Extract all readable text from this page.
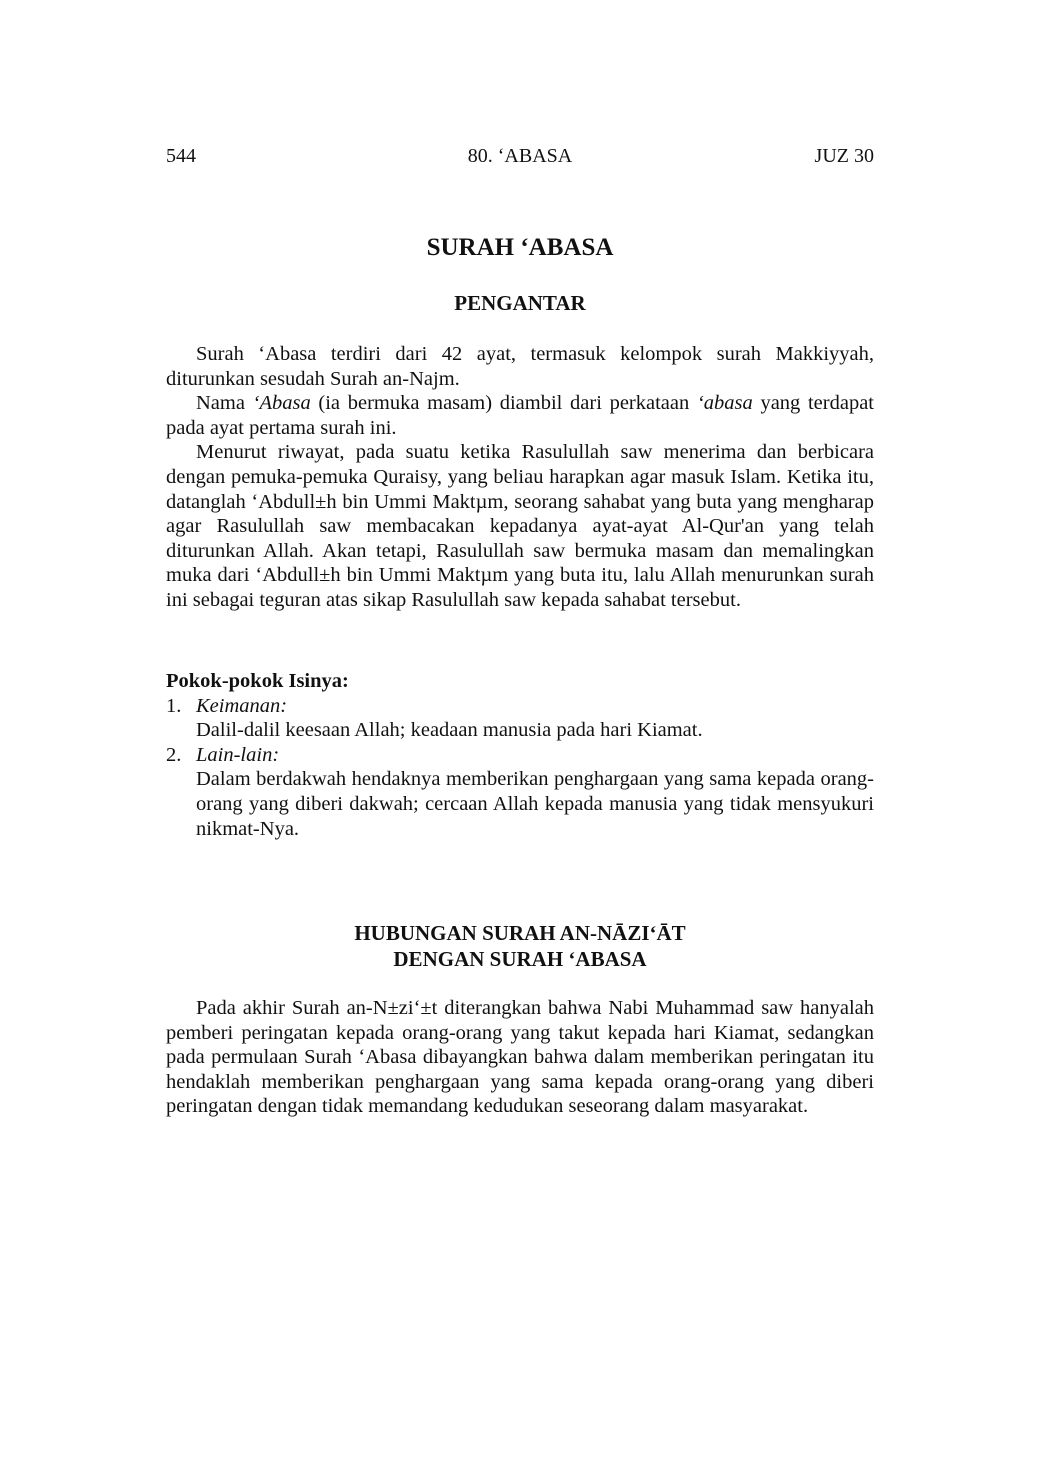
544	80. ‘ABASA	JUZ 30
SURAH ‘ABASA
PENGANTAR

Surah ‘Abasa terdiri dari 42 ayat, termasuk kelompok surah Makkiyyah, diturunkan sesudah Surah an-Najm.

Nama ‘Abasa (ia bermuka masam) diambil dari perkataan ‘abasa yang terdapat pada ayat pertama surah ini.

Menurut riwayat, pada suatu ketika Rasulullah saw menerima dan berbicara dengan pemuka-pemuka Quraisy, yang beliau harapkan agar masuk Islam. Ketika itu, datanglah ‘Abdull±h bin Ummi Maktµm, seorang sahabat yang buta yang mengharap agar Rasulullah saw membacakan kepadanya ayat-ayat Al-Qur'an yang telah diturunkan Allah. Akan tetapi, Rasulullah saw bermuka masam dan memalingkan muka dari ‘Abdull±h bin Ummi Maktµm yang buta itu, lalu Allah menurunkan surah ini sebagai teguran atas sikap Rasulullah saw kepada sahabat tersebut.

Pokok-pokok Isinya:
1. Keimanan:
Dalil-dalil keesaan Allah; keadaan manusia pada hari Kiamat.
2. Lain-lain:
Dalam berdakwah hendaknya memberikan penghargaan yang sama kepada orang-orang yang diberi dakwah; cercaan Allah kepada manusia yang tidak mensyukuri nikmat-Nya.
HUBUNGAN SURAH AN-NĀZI‘ĀT
DENGAN SURAH ‘ABASA

Pada akhir Surah an-N±zi‘±t diterangkan bahwa Nabi Muhammad saw hanyalah pemberi peringatan kepada orang-orang yang takut kepada hari Kiamat, sedangkan pada permulaan Surah ‘Abasa dibayangkan bahwa dalam memberikan peringatan itu hendaklah memberikan penghargaan yang sama kepada orang-orang yang diberi peringatan dengan tidak memandang kedudukan seseorang dalam masyarakat.
